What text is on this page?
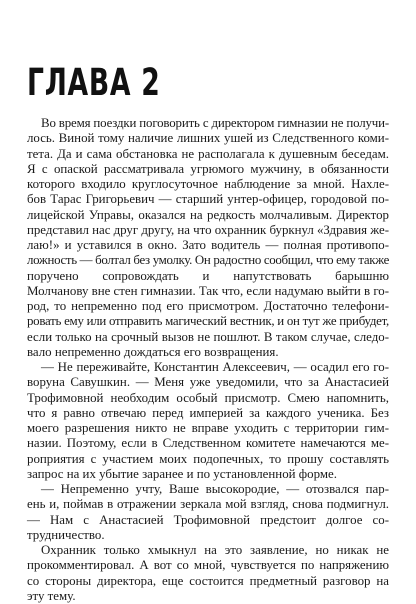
ГЛАВА 2
Во время поездки поговорить с директором гимназии не получи-
лось. Виной тому наличие лишних ушей из Следственного коми-
тета. Да и сама обстановка не располагала к душевным беседам.
Я с опаской рассматривала угрюмого мужчину, в обязанности
которого входило круглосуточное наблюдение за мной. Нахле-
бов Тарас Григорьевич — старший унтер-офицер, городовой по-
лицейской Управы, оказался на редкость молчаливым. Директор
представил нас друг другу, на что охранник буркнул «Здравия же-
лаю!» и уставился в окно. Зато водитель — полная противопо-
ложность — болтал без умолку. Он радостно сообщил, что ему также
поручено сопровождать и напутствовать барышню
Молчанову вне стен гимназии. Так что, если надумаю выйти в го-
род, то непременно под его присмотром. Достаточно телефони-
ровать ему или отправить магический вестник, и он тут же прибудет,
если только на срочный вызов не пошлют. В таком случае, следо-
вало непременно дождаться его возвращения.
— Не переживайте, Константин Алексеевич, — осадил его го-
воруна Савушкин. — Меня уже уведомили, что за Анастасией
Трофимовной необходим особый присмотр. Смею напомнить,
что я равно отвечаю перед империей за каждого ученика. Без
моего разрешения никто не вправе уходить с территории гим-
назии. Поэтому, если в Следственном комитете намечаются ме-
роприятия с участием моих подопечных, то прошу составлять
запрос на их убытие заранее и по установленной форме.
— Непременно учту, Ваше высокородие, — отозвался пар-
ень и, поймав в отражении зеркала мой взгляд, снова подмигнул.
— Нам с Анастасией Трофимовной предстоит долгое со-
трудничество.
Охранник только хмыкнул на это заявление, но никак не
прокомментировал. А вот со мной, чувствуется по напряжению
со стороны директора, еще состоится предметный разговор на
эту тему.
